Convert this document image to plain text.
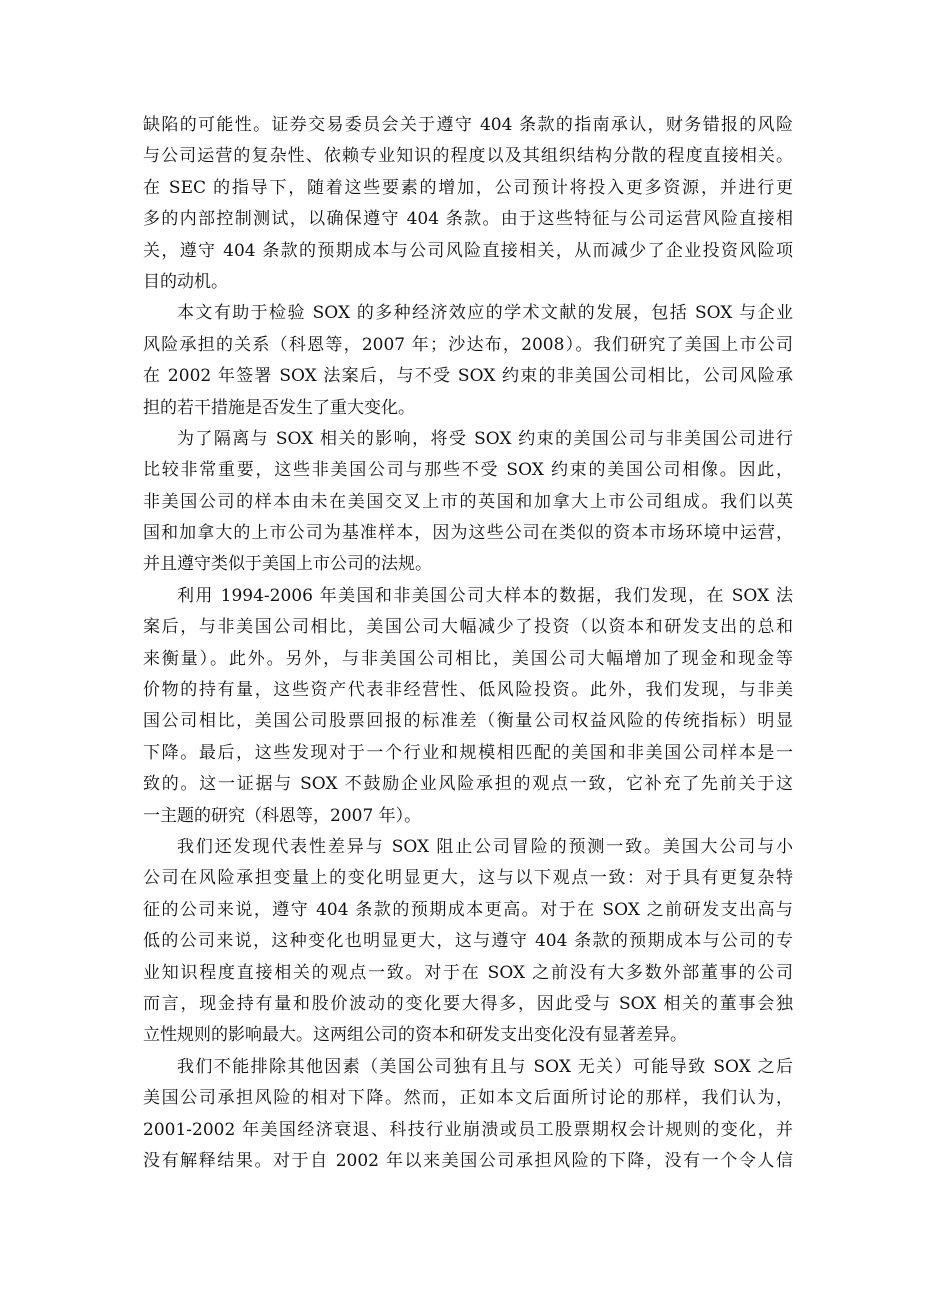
缺陷的可能性。证券交易委员会关于遵守 404 条款的指南承认，财务错报的风险
与公司运营的复杂性、依赖专业知识的程度以及其组织结构分散的程度直接相关。
在 SEC 的指导下，随着这些要素的增加，公司预计将投入更多资源，并进行更
多的内部控制测试，以确保遵守 404 条款。由于这些特征与公司运营风险直接相
关，遵守 404 条款的预期成本与公司风险直接相关，从而减少了企业投资风险项
目的动机。
本文有助于检验 SOX 的多种经济效应的学术文献的发展，包括 SOX 与企业
风险承担的关系（科恩等，2007 年；沙达布，2008）。我们研究了美国上市公司
在 2002 年签署 SOX 法案后，与不受 SOX 约束的非美国公司相比，公司风险承
担的若干措施是否发生了重大变化。
为了隔离与 SOX 相关的影响，将受 SOX 约束的美国公司与非美国公司进行
比较非常重要，这些非美国公司与那些不受 SOX 约束的美国公司相像。因此，
非美国公司的样本由未在美国交叉上市的英国和加拿大上市公司组成。我们以英
国和加拿大的上市公司为基准样本，因为这些公司在类似的资本市场环境中运营，
并且遵守类似于美国上市公司的法规。
利用 1994-2006 年美国和非美国公司大样本的数据，我们发现，在 SOX 法
案后，与非美国公司相比，美国公司大幅减少了投资（以资本和研发支出的总和
来衡量）。此外。另外，与非美国公司相比，美国公司大幅增加了现金和现金等
价物的持有量，这些资产代表非经营性、低风险投资。此外，我们发现，与非美
国公司相比，美国公司股票回报的标准差（衡量公司权益风险的传统指标）明显
下降。最后，这些发现对于一个行业和规模相匹配的美国和非美国公司样本是一
致的。这一证据与 SOX 不鼓励企业风险承担的观点一致，它补充了先前关于这
一主题的研究（科恩等，2007 年）。
我们还发现代表性差异与 SOX 阻止公司冒险的预测一致。美国大公司与小
公司在风险承担变量上的变化明显更大，这与以下观点一致：对于具有更复杂特
征的公司来说，遵守 404 条款的预期成本更高。对于在 SOX 之前研发支出高与
低的公司来说，这种变化也明显更大，这与遵守 404 条款的预期成本与公司的专
业知识程度直接相关的观点一致。对于在 SOX 之前没有大多数外部董事的公司
而言，现金持有量和股价波动的变化要大得多，因此受与 SOX 相关的董事会独
立性规则的影响最大。这两组公司的资本和研发支出变化没有显著差异。
我们不能排除其他因素（美国公司独有且与 SOX 无关）可能导致 SOX 之后
美国公司承担风险的相对下降。然而，正如本文后面所讨论的那样，我们认为，
2001-2002 年美国经济衰退、科技行业崩溃或员工股票期权会计规则的变化，并
没有解释结果。对于自 2002 年以来美国公司承担风险的下降，没有一个令人信
